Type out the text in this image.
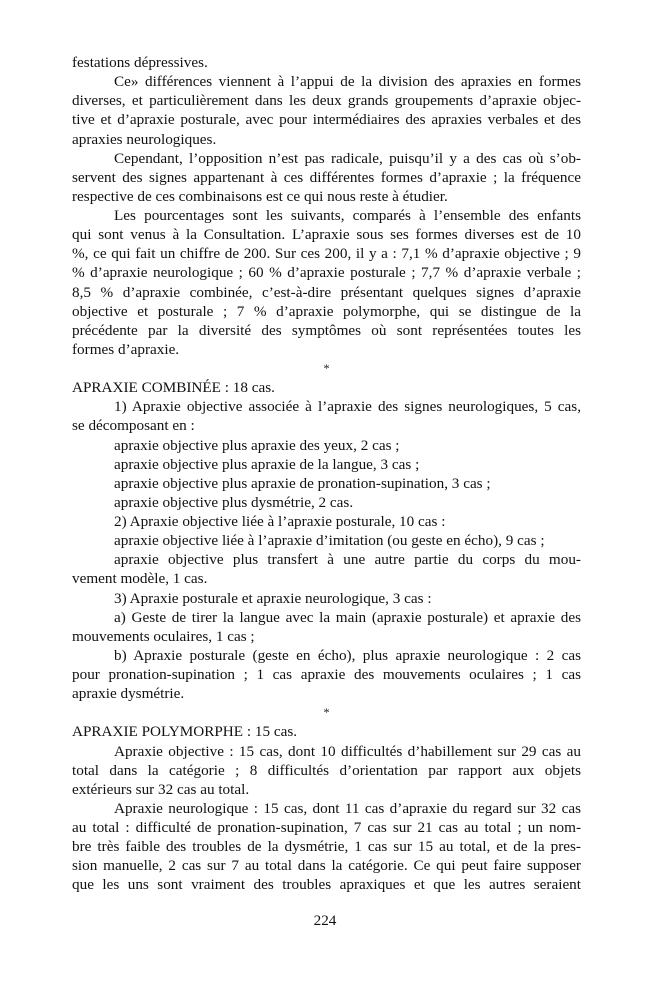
festations dépressives.
Ce» différences viennent à l’appui de la division des apraxies en formes
diverses, et particulièrement dans les deux grands groupements d’apraxie objec-
tive et d’apraxie posturale, avec pour intermédiaires des apraxies verbales et des
apraxies neurologiques.
Cependant, l’opposition n’est pas radicale, puisqu’il y a des cas où s’ob-
servent des signes appartenant à ces différentes formes d’apraxie ; la fréquence
respective de ces combinaisons est ce qui nous reste à étudier.
Les pourcentages sont les suivants, comparés à l’ensemble des enfants
qui sont venus à la Consultation. L’apraxie sous ses formes diverses est de 10
%, ce qui fait un chiffre de 200. Sur ces 200, il y a : 7,1 % d’apraxie objective ; 9
% d’apraxie neurologique ; 60 % d’apraxie posturale ; 7,7 % d’apraxie verbale ;
8,5 % d’apraxie combinée, c’est-à-dire présentant quelques signes d’apraxie
objective et posturale ; 7 % d’apraxie polymorphe, qui se distingue de la
précédente par la diversité des symptômes où sont représentées toutes les
formes d’apraxie.
*
APRAXIE COMBINÉE : 18 cas.
1) Apraxie objective associée à l’apraxie des signes neurologiques, 5 cas,
se décomposant en :
apraxie objective plus apraxie des yeux, 2 cas ;
apraxie objective plus apraxie de la langue, 3 cas ;
apraxie objective plus apraxie de pronation-supination, 3 cas ;
apraxie objective plus dysmétrie, 2 cas.
2) Apraxie objective liée à l’apraxie posturale, 10 cas :
apraxie objective liée à l’apraxie d’imitation (ou geste en écho), 9 cas ;
apraxie objective plus transfert à une autre partie du corps du mou-
vement modèle, 1 cas.
3) Apraxie posturale et apraxie neurologique, 3 cas :
a) Geste de tirer la langue avec la main (apraxie posturale) et apraxie des
mouvements oculaires, 1 cas ;
b) Apraxie posturale (geste en écho), plus apraxie neurologique : 2 cas
pour pronation-supination ; 1 cas apraxie des mouvements oculaires ; 1 cas
apraxie dysmétrie.
*
APRAXIE POLYMORPHE : 15 cas.
Apraxie objective : 15 cas, dont 10 difficultés d’habillement sur 29 cas au
total dans la catégorie ; 8 difficultés d’orientation par rapport aux objets
extérieurs sur 32 cas au total.
Apraxie neurologique : 15 cas, dont 11 cas d’apraxie du regard sur 32 cas
au total : difficulté de pronation-supination, 7 cas sur 21 cas au total ; un nom-
bre très faible des troubles de la dysmétrie, 1 cas sur 15 au total, et de la pres-
sion manuelle, 2 cas sur 7 au total dans la catégorie. Ce qui peut faire supposer
que les uns sont vraiment des troubles apraxiques et que les autres seraient
224
